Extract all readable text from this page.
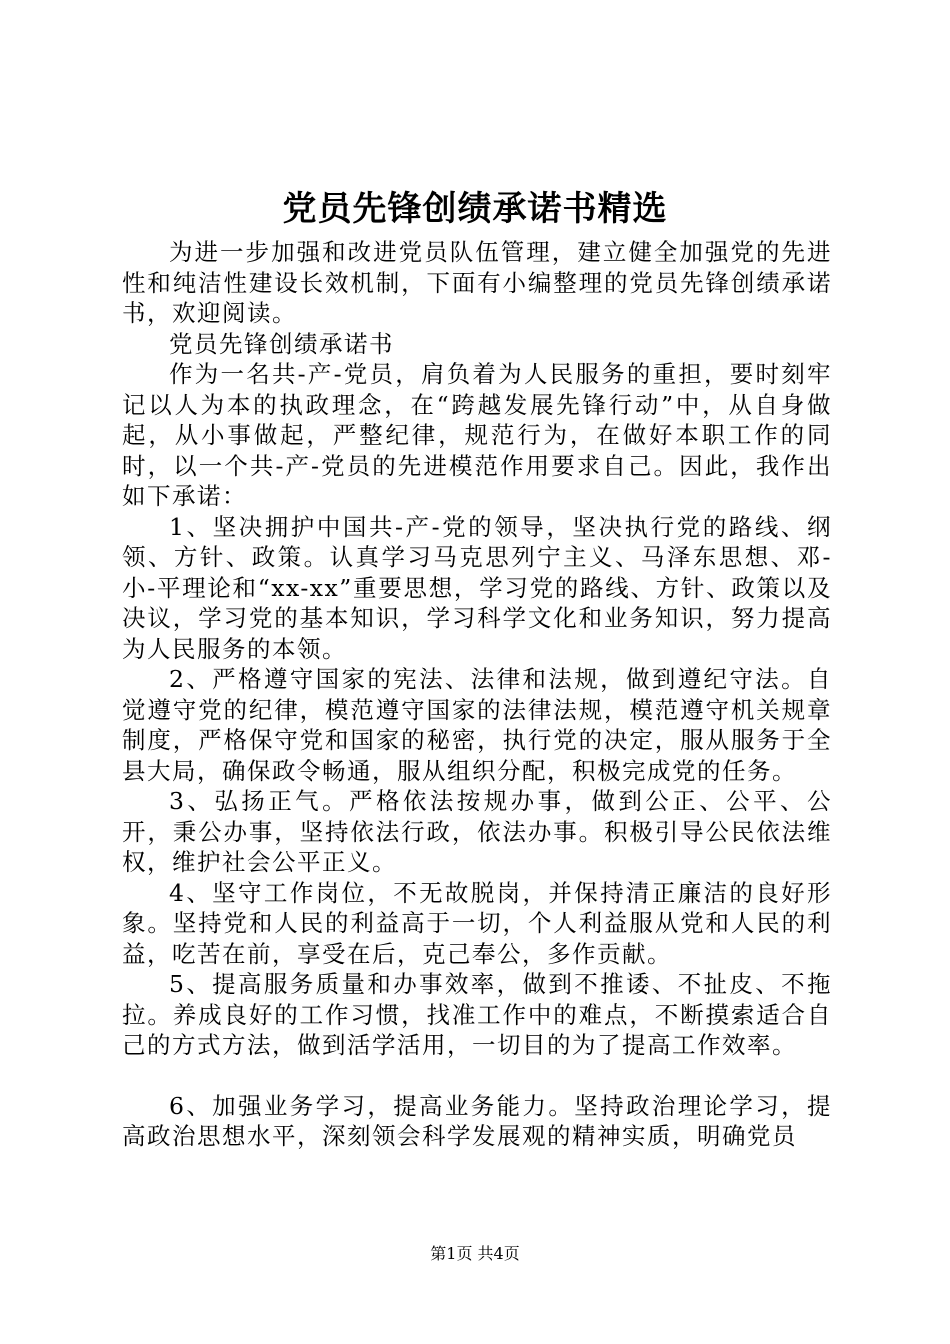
党员先锋创绩承诺书精选

为进一步加强和改进党员队伍管理，建立健全加强党的先进性和纯洁性建设长效机制，下面有小编整理的党员先锋创绩承诺书，欢迎阅读。

党员先锋创绩承诺书

作为一名共-产-党员，肩负着为人民服务的重担，要时刻牢记以人为本的执政理念，在“跨越发展先锋行动”中，从自身做起，从小事做起，严整纪律，规范行为，在做好本职工作的同时，以一个共-产-党员的先进模范作用要求自己。因此，我作出如下承诺：

1、坚决拥护中国共-产-党的领导，坚决执行党的路线、纲领、方针、政策。认真学习马克思列宁主义、马泽东思想、邓-小-平理论和“xx-xx”重要思想，学习党的路线、方针、政策以及决议，学习党的基本知识，学习科学文化和业务知识，努力提高为人民服务的本领。

2、严格遵守国家的宪法、法律和法规，做到遵纪守法。自觉遵守党的纪律，模范遵守国家的法律法规，模范遵守机关规章制度，严格保守党和国家的秘密，执行党的决定，服从服务于全县大局，确保政令畅通，服从组织分配，积极完成党的任务。

3、弘扬正气。严格依法按规办事，做到公正、公平、公开，秉公办事，坚持依法行政，依法办事。积极引导公民依法维权，维护社会公平正义。

4、坚守工作岗位，不无故脱岗，并保持清正廉洁的良好形象。坚持党和人民的利益高于一切，个人利益服从党和人民的利益，吃苦在前，享受在后，克己奉公，多作贡献。

5、提高服务质量和办事效率，做到不推诿、不扯皮、不拖拉。养成良好的工作习惯，找准工作中的难点，不断摸索适合自己的方式方法，做到活学活用，一切目的为了提高工作效率。

6、加强业务学习，提高业务能力。坚持政治理论学习，提高政治思想水平，深刻领会科学发展观的精神实质，明确党员

第1页 共4页
